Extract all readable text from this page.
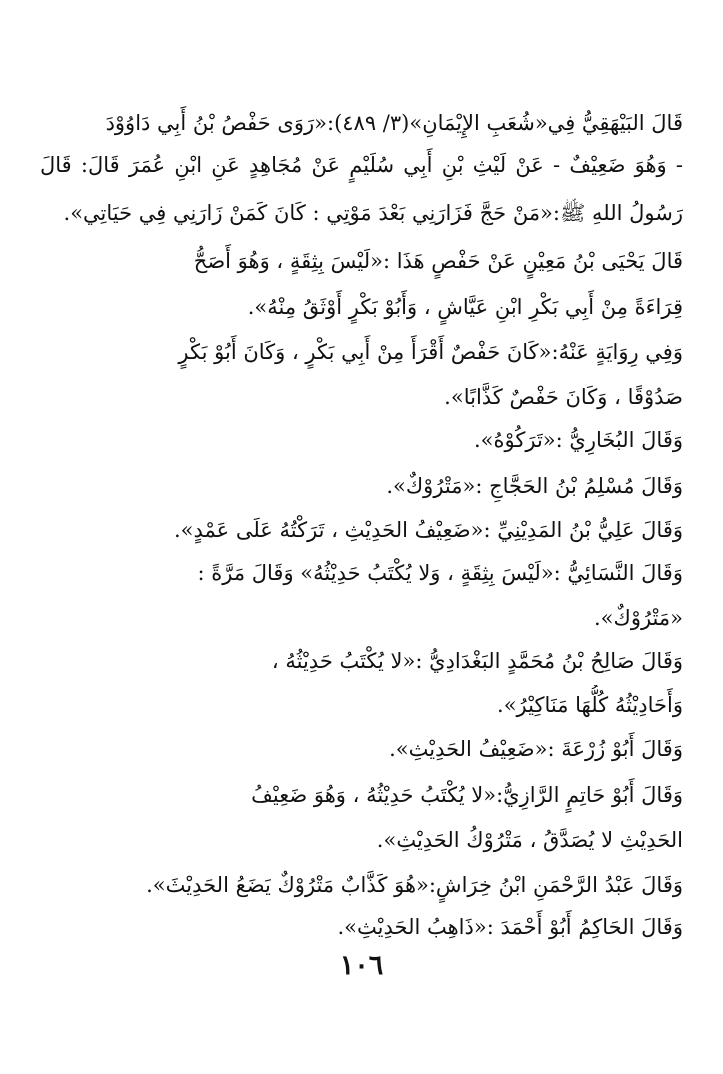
قَالَ البَيْهَقِيُّ فِي«شُعَبِ الإِيْمَانِ»(٣/ ٤٨٩):«رَوَى حَفْصُ بْنُ أَبِي دَاوُوْدَ
- وَهُوَ ضَعِيْفٌ - عَنْ لَيْثِ بْنِ أَبِي سُلَيْمٍ عَنْ مُجَاهِدٍ عَنِ ابْنِ عُمَرَ قَالَ: قَالَ
رَسُولُ اللهِ ﷺ:«مَنْ حَجَّ فَزَارَنِي بَعْدَ مَوْتِي : كَانَ كَمَنْ زَارَنِي فِي حَيَاتِي».
قَالَ يَحْيَى بْنُ مَعِيْنٍ عَنْ حَفْصٍ هَذَا :«لَيْسَ بِثِقَةٍ ، وَهُوَ أَصَحُّ
قِرَاءَةً مِنْ أَبِي بَكْرِ ابْنِ عَيَّاشٍ ، وَأَبُوْ بَكْرٍ أَوْثَقُ مِنْهُ».
وَفِي رِوَايَةٍ عَنْهُ:«كَانَ حَفْصٌ أَقْرَأَ مِنْ أَبِي بَكْرٍ ، وَكَانَ أَبُوْ بَكْرٍ
صَدُوْقًا ، وَكَانَ حَفْصٌ كَذَّابًا».
وَقَالَ البُخَارِيُّ :«تَرَكُوْهُ».
وَقَالَ مُسْلِمُ بْنُ الحَجَّاجِ :«مَتْرُوْكٌ».
وَقَالَ عَلِيُّ بْنُ المَدِيْنِيِّ :«ضَعِيْفُ الحَدِيْثِ ، تَرَكْتُهُ عَلَى عَمْدٍ».
وَقَالَ النَّسَائِيُّ :«لَيْسَ بِثِقَةٍ ، وَلا يُكْتَبُ حَدِيْثُهُ» وَقَالَ مَرَّةً :
«مَتْرُوْكٌ».
وَقَالَ صَالِحُ بْنُ مُحَمَّدٍ البَغْدَادِيُّ :«لا يُكْتَبُ حَدِيْثُهُ ،
وَأَحَادِيْثُهُ كُلُّهَا مَنَاكِيْرُ».
وَقَالَ أَبُوْ زُرْعَةَ :«ضَعِيْفُ الحَدِيْثِ».
وَقَالَ أَبُوْ حَاتِمٍ الرَّازِيُّ:«لا يُكْتَبُ حَدِيْثُهُ ، وَهُوَ ضَعِيْفُ
الحَدِيْثِ لا يُصَدَّقُ ، مَتْرُوْكُ الحَدِيْثِ».
وَقَالَ عَبْدُ الرَّحْمَنِ ابْنُ خِرَاشٍ:«هُوَ كَذَّابٌ مَتْرُوْكٌ يَضَعُ الحَدِيْثَ».
وَقَالَ الحَاكِمُ أَبُوْ أَحْمَدَ :«ذَاهِبُ الحَدِيْثِ».
١٠٦
